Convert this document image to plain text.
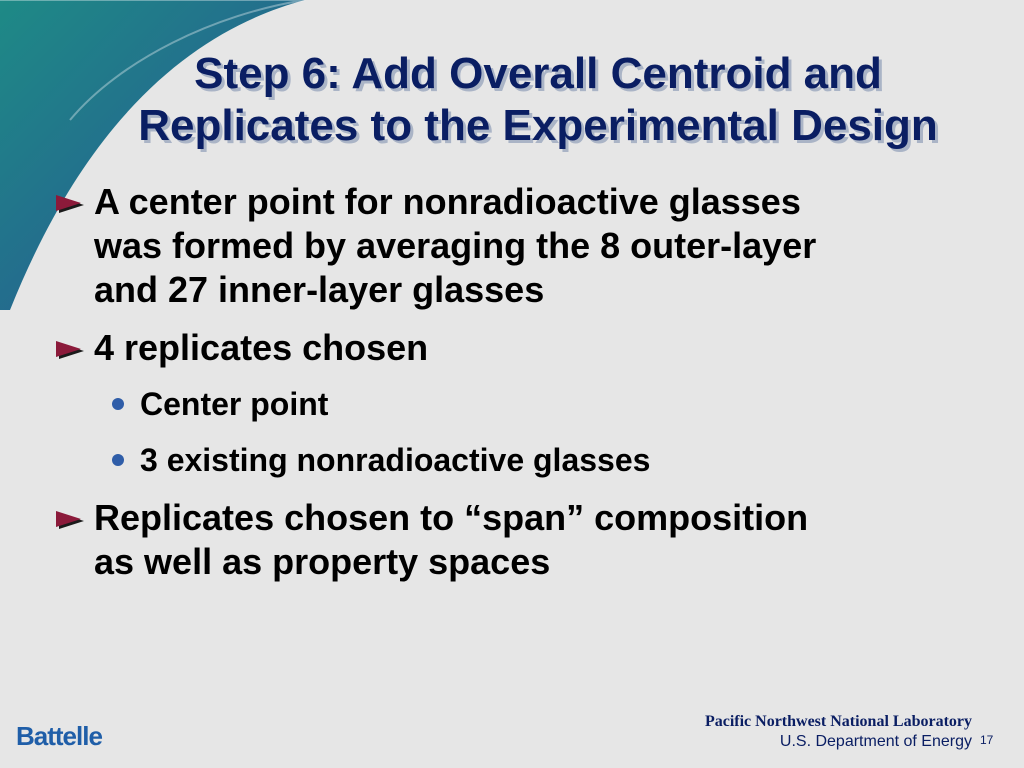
Step 6: Add Overall Centroid and
Replicates to the Experimental Design
A center point for nonradioactive glasses
was formed by averaging the 8 outer-layer
and 27 inner-layer glasses
4 replicates chosen
Center point
3 existing nonradioactive glasses
Replicates chosen to “span” composition
as well as property spaces
Battelle	Pacific Northwest National Laboratory
U.S. Department of Energy 17
